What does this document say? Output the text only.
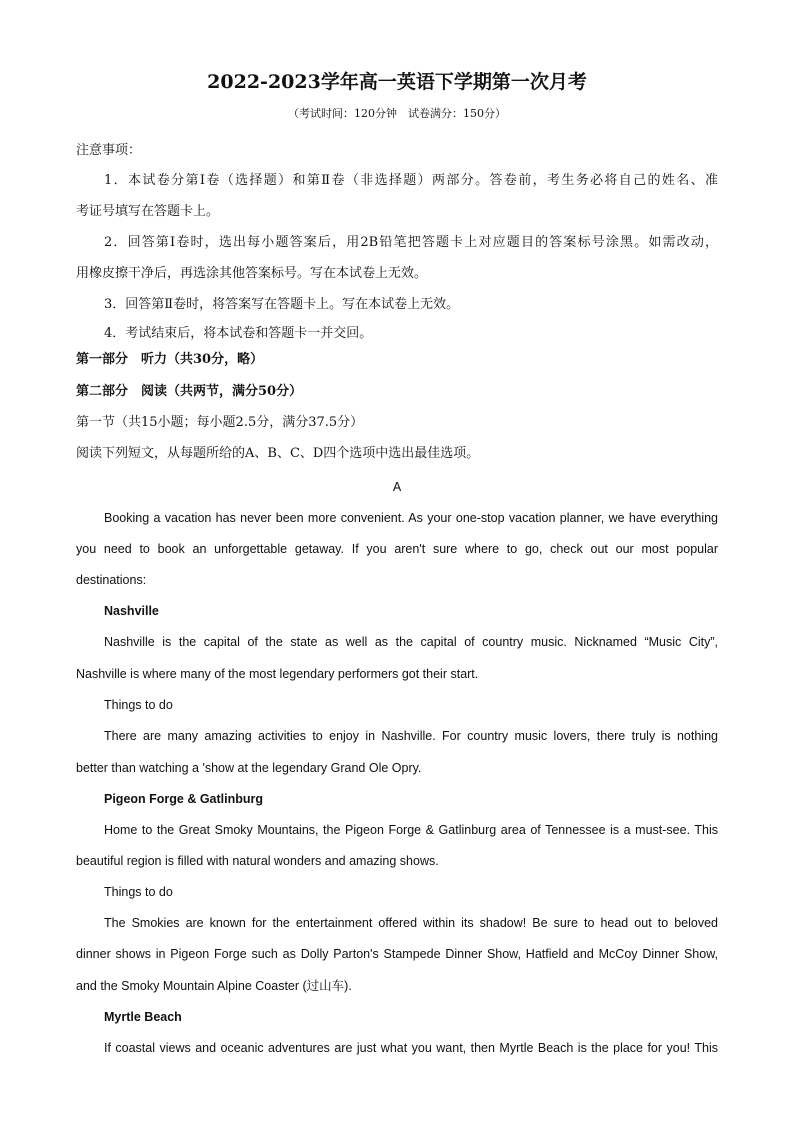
2022-2023学年高一英语下学期第一次月考
（考试时间：120分钟　试卷满分：150分）
注意事项：
1．本试卷分第Ⅰ卷（选择题）和第Ⅱ卷（非选择题）两部分。答卷前，考生务必将自己的姓名、准
考证号填写在答题卡上。
2．回答第Ⅰ卷时，选出每小题答案后，用2B铅笔把答题卡上对应题目的答案标号涂黑。如需改动，
用橡皮擦干净后，再选涂其他答案标号。写在本试卷上无效。
3．回答第Ⅱ卷时，将答案写在答题卡上。写在本试卷上无效。
4．考试结束后，将本试卷和答题卡一并交回。
第一部分　听力（共30分，略）
第二部分　阅读（共两节，满分50分）
第一节（共15小题；每小题2.5分，满分37.5分）
阅读下列短文，从每题所给的A、B、C、D四个选项中选出最佳选项。
A
Booking a vacation has never been more convenient. As your one-stop vacation planner, we have everything
you need to book an unforgettable getaway. If you aren't sure where to go, check out our most popular
destinations:
Nashville
Nashville is the capital of the state as well as the capital of country music. Nicknamed “Music City”,
Nashville is where many of the most legendary performers got their start.
Things to do
There are many amazing activities to enjoy in Nashville. For country music lovers, there truly is nothing
better than watching a 'show at the legendary Grand Ole Opry.
Pigeon Forge & Gatlinburg
Home to the Great Smoky Mountains, the Pigeon Forge & Gatlinburg area of Tennessee is a must-see. This
beautiful region is filled with natural wonders and amazing shows.
Things to do
The Smokies are known for the entertainment offered within its shadow! Be sure to head out to beloved
dinner shows in Pigeon Forge such as Dolly Parton's Stampede Dinner Show, Hatfield and McCoy Dinner Show,
and the Smoky Mountain Alpine Coaster (过山车).
Myrtle Beach
If coastal views and oceanic adventures are just what you want, then Myrtle Beach is the place for you! This
